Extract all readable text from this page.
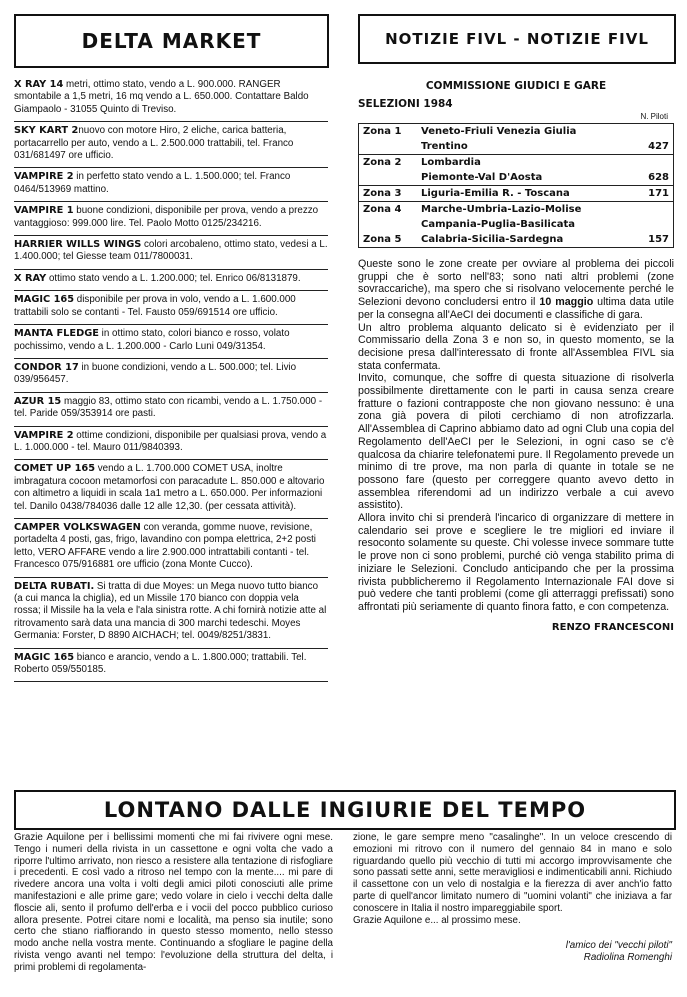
DELTA MARKET
X RAY 14 metri, ottimo stato, vendo a L. 900.000. RANGER smontabile a 1,5 metri, 16 mq vendo a L. 650.000. Contattare Baldo Giampaolo - 31055 Quinto di Treviso.
SKY KART 2nuovo con motore Hiro, 2 eliche, carica batteria, portacarrello per auto, vendo a L. 2.500.000 trattabili, tel. Franco 031/681497 ore ufficio.
VAMPIRE 2 in perfetto stato vendo a L. 1.500.000; tel. Franco 0464/513969 mattino.
VAMPIRE 1 buone condizioni, disponibile per prova, vendo a prezzo vantaggioso: 999.000 lire. Tel. Paolo Motto 0125/234216.
HARRIER WILLS WINGS colori arcobaleno, ottimo stato, vedesi a L. 1.400.000; tel Giesse team 011/7800031.
X RAY ottimo stato vendo a L. 1.200.000; tel. Enrico 06/8131879.
MAGIC 165 disponibile per prova in volo, vendo a L. 1.600.000 trattabili solo se contanti - Tel. Fausto 059/691514 ore ufficio.
MANTA FLEDGE in ottimo stato, colori bianco e rosso, volato pochissimo, vendo a L. 1.200.000 - Carlo Luni 049/31354.
CONDOR 17 in buone condizioni, vendo a L. 500.000; tel. Livio 039/956457.
AZUR 15 maggio 83, ottimo stato con ricambi, vendo a L. 1.750.000 - tel. Paride 059/353914 ore pasti.
VAMPIRE 2 ottime condizioni, disponibile per qualsiasi prova, vendo a L. 1.000.000 - tel. Mauro 011/9840393.
COMET UP 165 vendo a L. 1.700.000 COMET USA, inoltre imbragatura cocoon metamorfosi con paracadute L. 850.000 e altovario con altimetro a liquidi in scala 1a1 metro a L. 650.000. Per informazioni tel. Danilo 0438/784036 dalle 12 alle 12,30. (per cessata attività).
CAMPER VOLKSWAGEN con veranda, gomme nuove, revisione, portadelta 4 posti, gas, frigo, lavandino con pompa elettrica, 2+2 posti letto, VERO AFFARE vendo a lire 2.900.000 intrattabili contanti - tel. Francesco 075/916881 ore ufficio (zona Monte Cucco).
DELTA RUBATI. Si tratta di due Moyes: un Mega nuovo tutto bianco (a cui manca la chiglia), ed un Missile 170 bianco con doppia vela rossa; il Missile ha la vela e l'ala sinistra rotte. A chi fornirà notizie atte al ritrovamento sarà data una mancia di 300 marchi tedeschi. Moyes Germania: Forster, D 8890 AICHACH; tel. 0049/8251/3831.
MAGIC 165 bianco e arancio, vendo a L. 1.800.000; trattabili. Tel. Roberto 059/550185.
NOTIZIE FIVL - NOTIZIE FIVL
COMMISSIONE GIUDICI E GARE
SELEZIONI 1984
N. Piloti
Zona 1	Veneto-Friuli Venezia Giulia	
	Trentino	427
Zona 2	Lombardia	
	Piemonte-Val D'Aosta	628
Zona 3	Liguria-Emilia R. - Toscana	171
Zona 4	Marche-Umbria-Lazio-Molise	
	Campania-Puglia-Basilicata	
Zona 5	Calabria-Sicilia-Sardegna	157

Queste sono le zone create per ovviare al problema dei piccoli gruppi che è sorto nell'83; sono nati altri problemi (zone sovraccariche), ma spero che si risolvano velocemente perché le Selezioni devono concludersi entro il 10 maggio ultima data utile per la consegna all'AeCI dei documenti e classifiche di gara.

Un altro problema alquanto delicato si è evidenziato per il Commissario della Zona 3 e non so, in questo momento, se la decisione presa dall'interessato di fronte all'Assemblea FIVL sia stata confermata.

Invito, comunque, che soffre di questa situazione di risolverla possibilmente direttamente con le parti in causa senza creare fratture o fazioni contrapposte che non giovano nessuno: è una zona già povera di piloti cerchiamo di non atrofizzarla. All'Assemblea di Caprino abbiamo dato ad ogni Club una copia del Regolamento dell'AeCI per le Selezioni, in ogni caso se c'è qualcosa da chiarire telefonatemi pure. Il Regolamento prevede un minimo di tre prove, ma non parla di quante in totale se ne possono fare (questo per correggere quanto avevo detto in assemblea riferendomi ad un indirizzo verbale a cui avevo assistito).

Allora invito chi si prenderà l'incarico di organizzare di mettere in calendario sei prove e scegliere le tre migliori ed inviare il resoconto solamente su queste. Chi volesse invece sommare tutte le prove non ci sono problemi, purché ciò venga stabilito prima di iniziare le Selezioni. Concludo anticipando che per la prossima rivista pubblicheremo il Regolamento Internazionale FAI dove si può vedere che tanti problemi (come gli atterraggi prefissati) sono affrontati più seriamente di quanto finora fatto, e con competenza.

RENZO FRANCESCONI
LONTANO DALLE INGIURIE DEL TEMPO

Grazie Aquilone per i bellissimi momenti che mi fai rivivere ogni mese. Tengo i numeri della rivista in un cassettone e ogni volta che vado a riporre l'ultimo arrivato, non riesco a resistere alla tentazione di risfogliare i precedenti. E così vado a ritroso nel tempo con la mente.... mi pare di rivedere ancora una volta i volti degli amici piloti conosciuti alle prime manifestazioni e alle prime gare; vedo volare in cielo i vecchi delta dalle floscie ali, sento il profumo dell'erba e i vocii del pocco pubblico curioso allora presente. Potrei citare nomi e località, ma penso sia inutile; sono certo che stiano riaffiorando in questo stesso momento, nello stesso modo anche nella vostra mente. Continuando a sfogliare le pagine della rivista vengo avanti nel tempo: l'evoluzione della struttura del delta, i primi problemi di regolamenta-

zione, le gare sempre meno "casalinghe". In un veloce crescendo di emozioni mi ritrovo con il numero del gennaio 84 in mano e solo riguardando quello più vecchio di tutti mi accorgo improvvisamente che sono passati sette anni, sette meravigliosi e indimenticabili anni. Richiudo il cassettone con un velo di nostalgia e la fierezza di aver anch'io fatto parte di quell'ancor limitato numero di "uomini volanti" che iniziava a far conoscere in Italia il nostro impareggiabile sport.

Grazie Aquilone e... al prossimo mese.

l'amico dei "vecchi piloti"
Radiolina Romenghi
